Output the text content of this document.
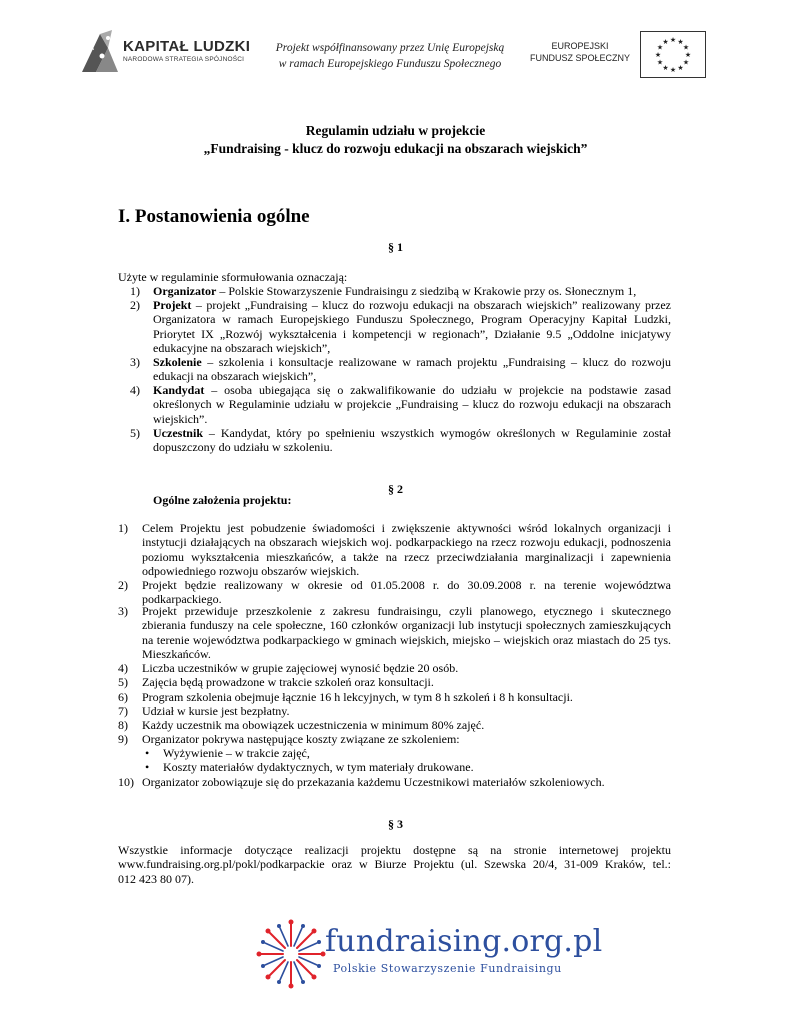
KAPITAŁ LUDZKI
NARODOWA STRATEGIA SPÓJNOŚCI
Projekt współfinansowany przez Unię Europejską
w ramach Europejskiego Funduszu Społecznego
EUROPEJSKI
FUNDUSZ SPOŁECZNY
★ ★
★
★
★
★
★
★
★
★
★
★
Regulamin udziału w projekcie
„Fundraising - klucz do rozwoju edukacji na obszarach wiejskich”
I. Postanowienia ogólne
§ 1
Użyte w regulaminie sformułowania oznaczają:
1) Organizator – Polskie Stowarzyszenie Fundraisingu z siedzibą w Krakowie przy os. Słonecznym 1,
2) Projekt – projekt „Fundraising – klucz do rozwoju edukacji na obszarach wiejskich” realizowany przez
Organizatora w ramach Europejskiego Funduszu Społecznego, Program Operacyjny Kapitał Ludzki,
Priorytet IX „Rozwój wykształcenia i kompetencji w regionach”, Działanie 9.5 „Oddolne inicjatywy
edukacyjne na obszarach wiejskich”,
3) Szkolenie – szkolenia i konsultacje realizowane w ramach projektu „Fundraising – klucz do rozwoju
edukacji na obszarach wiejskich”,
4) Kandydat – osoba ubiegająca się o zakwalifikowanie do udziału w projekcie na podstawie zasad
określonych w Regulaminie udziału w projekcie „Fundraising – klucz do rozwoju edukacji na obszarach
wiejskich”.
5) Uczestnik – Kandydat, który po spełnieniu wszystkich wymogów określonych w Regulaminie został
dopuszczony do udziału w szkoleniu.
§ 2
Ogólne założenia projektu:
1) Celem Projektu jest pobudzenie świadomości i zwiększenie aktywności wśród lokalnych organizacji i
instytucji działających na obszarach wiejskich woj. podkarpackiego na rzecz rozwoju edukacji, podnoszenia
poziomu wykształcenia mieszkańców, a także na rzecz przeciwdziałania marginalizacji i zapewnienia
odpowiedniego rozwoju obszarów wiejskich.
2) Projekt będzie realizowany w okresie od 01.05.2008 r. do 30.09.2008 r. na terenie województwa
podkarpackiego.
3) Projekt przewiduje przeszkolenie z zakresu fundraisingu, czyli planowego, etycznego i skutecznego
zbierania funduszy na cele społeczne, 160 członków organizacji lub instytucji społecznych zamieszkujących
na terenie województwa podkarpackiego w gminach wiejskich, miejsko – wiejskich oraz miastach do 25 tys.
Mieszkańców.
4) Liczba uczestników w grupie zajęciowej wynosić będzie 20 osób.
5) Zajęcia będą prowadzone w trakcie szkoleń oraz konsultacji.
6) Program szkolenia obejmuje łącznie 16 h lekcyjnych, w tym 8 h szkoleń i 8 h konsultacji.
7) Udział w kursie jest bezpłatny.
8) Każdy uczestnik ma obowiązek uczestniczenia w minimum 80% zajęć.
9) Organizator pokrywa następujące koszty związane ze szkoleniem:
• Wyżywienie – w trakcie zajęć,
• Koszty materiałów dydaktycznych, w tym materiały drukowane.
10) Organizator zobowiązuje się do przekazania każdemu Uczestnikowi materiałów szkoleniowych.
§ 3
Wszystkie informacje dotyczące realizacji projektu dostępne są na stronie internetowej projektu
www.fundraising.org.pl/pokl/podkarpackie oraz w Biurze Projektu (ul. Szewska 20/4, 31-009 Kraków, tel.:
012 423 80 07).
fundraising.org.pl
Polskie Stowarzyszenie Fundraisingu
